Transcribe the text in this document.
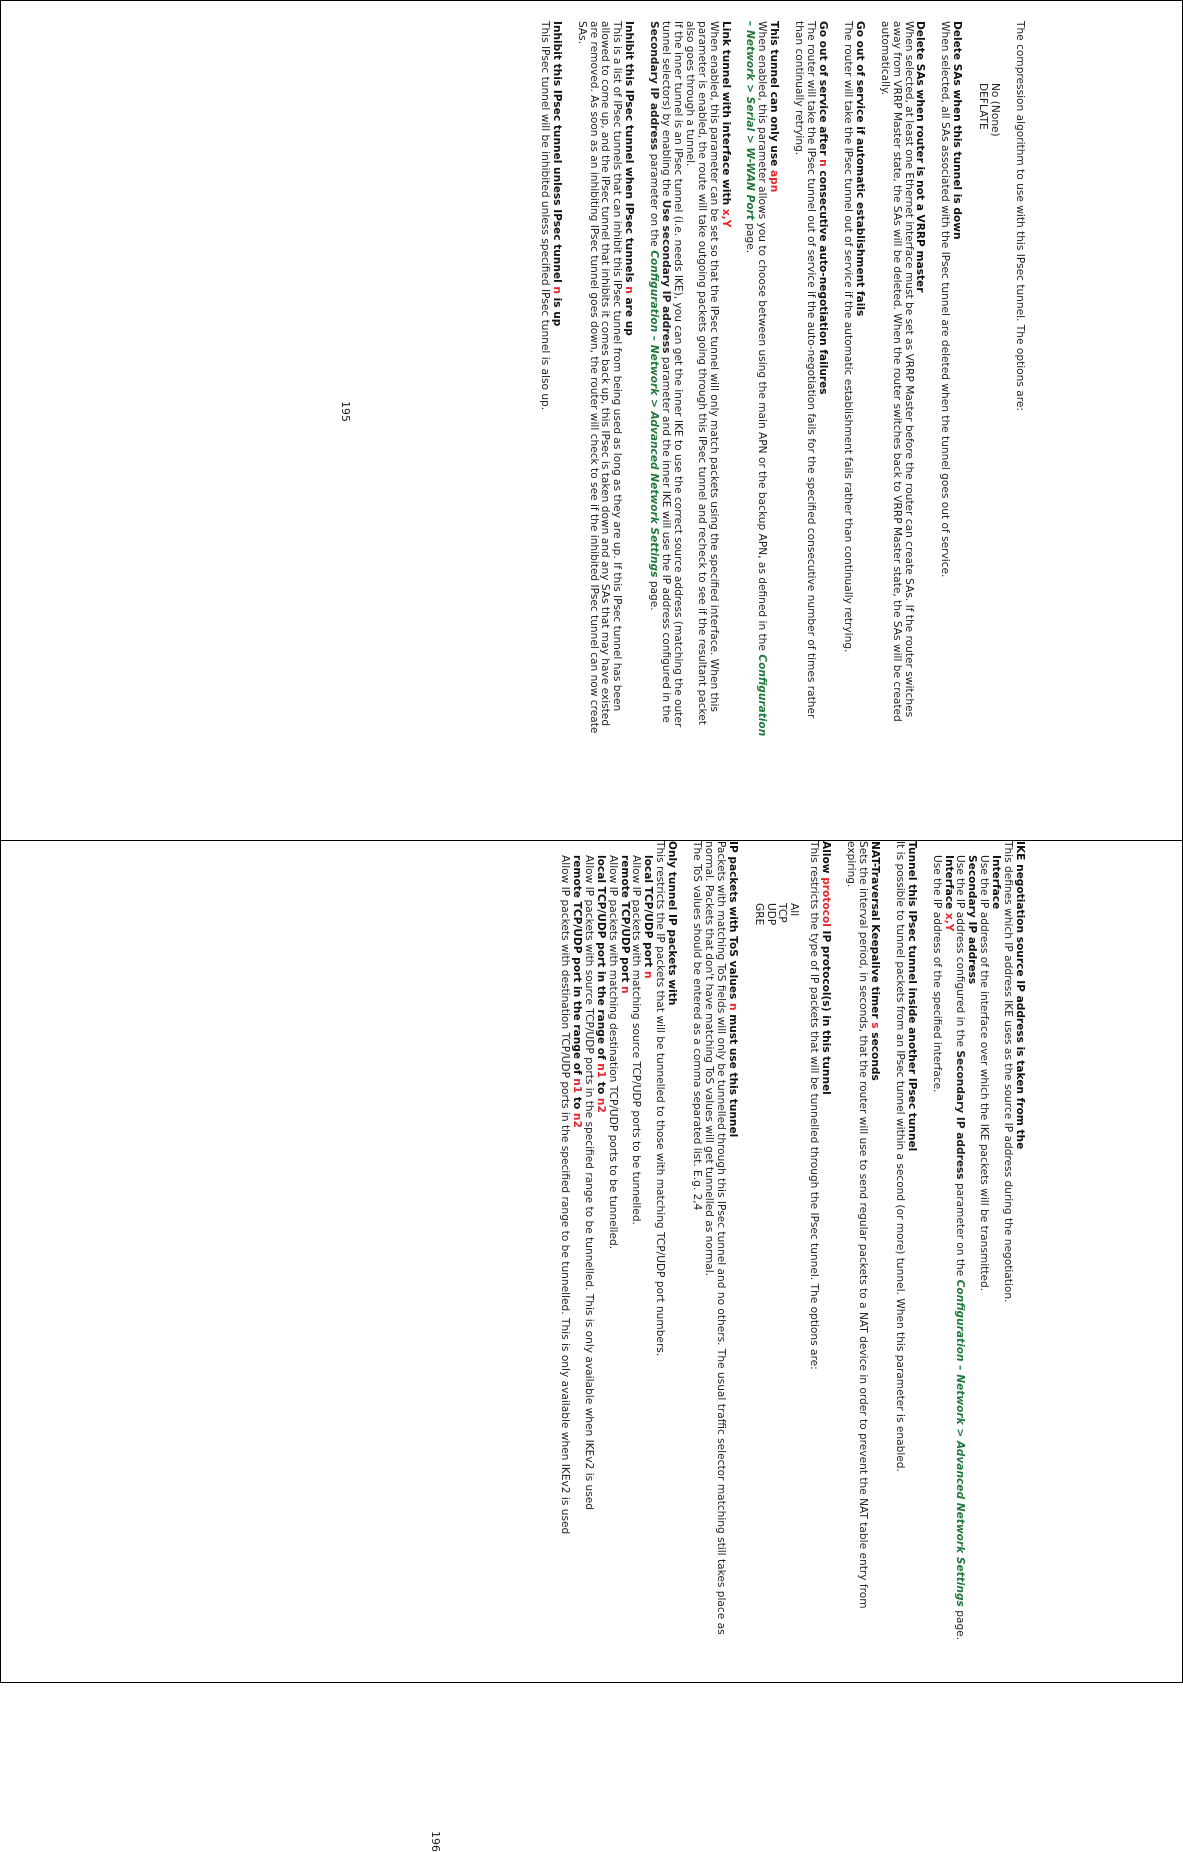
The compression algorithm to use with this IPsec tunnel. The options are:
No (None)
DEFLATE
Delete SAs when this tunnel is down
When selected, all SAs associated with the IPsec tunnel are deleted when the tunnel goes out of service.
Delete SAs when router is not a VRRP master
When selected, at least one Ethernet interface must be set as VRRP Master before the router can create SAs. If the router switches away from VRRP Master state, the SAs will be deleted. When the router switches back to VRRP Master state, the SAs will be created automatically.
Go out of service if automatic establishment fails
The router will take the IPsec tunnel out of service if the automatic establishment fails rather than continually retrying.
Go out of service after n consecutive auto-negotiation failures
The router will take the IPsec tunnel out of service if the auto-negotiation fails for the specified consecutive number of times rather than continually retrying.
This tunnel can only use apn
When enabled, this parameter allows you to choose between using the main APN or the backup APN, as defined in the Configuration – Network > Serial > W-WAN Port page.
Link tunnel with interface with x,Y
When enabled, this parameter can be set so that the IPsec tunnel will only match packets using the specified interface. When this parameter is enabled, the route will take outgoing packets going through this IPsec tunnel and recheck to see if the resultant packet also goes through a tunnel.
If the inner tunnel is an IPsec tunnel (i.e. needs IKE), you can get the inner IKE to use the correct source address (matching the outer tunnel selectors) by enabling the Use secondary IP address parameter and the inner IKE will use the IP address configured in the Secondary IP address parameter on the Configuration – Network > Advanced Network Settings page.
Inhibit this IPsec tunnel when IPsec tunnels n are up
This is a list of IPsec tunnels that can inhibit this IPsec tunnel from being used as long as they are up. If this IPsec tunnel has been allowed to come up, and the IPsec tunnel that inhibits it comes back up, this IPsec is taken down and any SAs that may have existed are removed. As soon as an inhibiting IPsec tunnel goes down, the router will check to see if the inhibited IPsec tunnel can now create SAs.
Inhibit this IPsec tunnel unless IPsec tunnel n is up
This IPsec tunnel will be inhibited unless specified IPsec tunnel is also up.
195
IKE negotiation source IP address is taken from the
This defines which IP address IKE uses as the source IP address during the negotiation.
Interface
Use the IP address of the interface over which the IKE packets will be transmitted.
Secondary IP address
Use the IP address configured in the Secondary IP address parameter on the Configuration – Network > Advanced Network Settings page.
Interface x,Y
Use the IP address of the specified interface.
Tunnel this IPsec tunnel inside another IPsec tunnel
It is possible to tunnel packets from an IPsec tunnel within a second (or more) tunnel. When this parameter is enabled.
NAT-Traversal Keepalive timer s seconds
Sets the interval period, in seconds, that the router will use to send regular packets to a NAT device in order to prevent the NAT table entry from expiring.
Allow protocol IP protocol(s) in this tunnel
This restricts the type of IP packets that will be tunnelled through the IPsec tunnel. The options are:
All
TCP
UDP
GRE
IP packets with ToS values n must use this tunnel
Packets with matching ToS fields will only be tunnelled through this IPsec tunnel and no others. The usual traffic selector matching still takes place as normal. Packets that don't have matching ToS values will get tunnelled as normal.
The ToS values should be entered as a comma separated list. E.g. 2,4
Only tunnel IP packets with
This restricts the IP packets that will be tunnelled to those with matching TCP/UDP port numbers.
local TCP/UDP port n
Allow IP packets with matching source TCP/UDP ports to be tunnelled.
remote TCP/UDP port n
Allow IP packets with matching destination TCP/UDP ports to be tunnelled.
local TCP/UDP port in the range of n1 to n2
Allow IP packets with source TCP/UDP ports in the specified range to be tunnelled. This is only available when IKEv2 is used
remote TCP/UDP port in the range of n1 to n2
Allow IP packets with destination TCP/UDP ports in the specified range to be tunnelled. This is only available when IKEv2 is used
196
